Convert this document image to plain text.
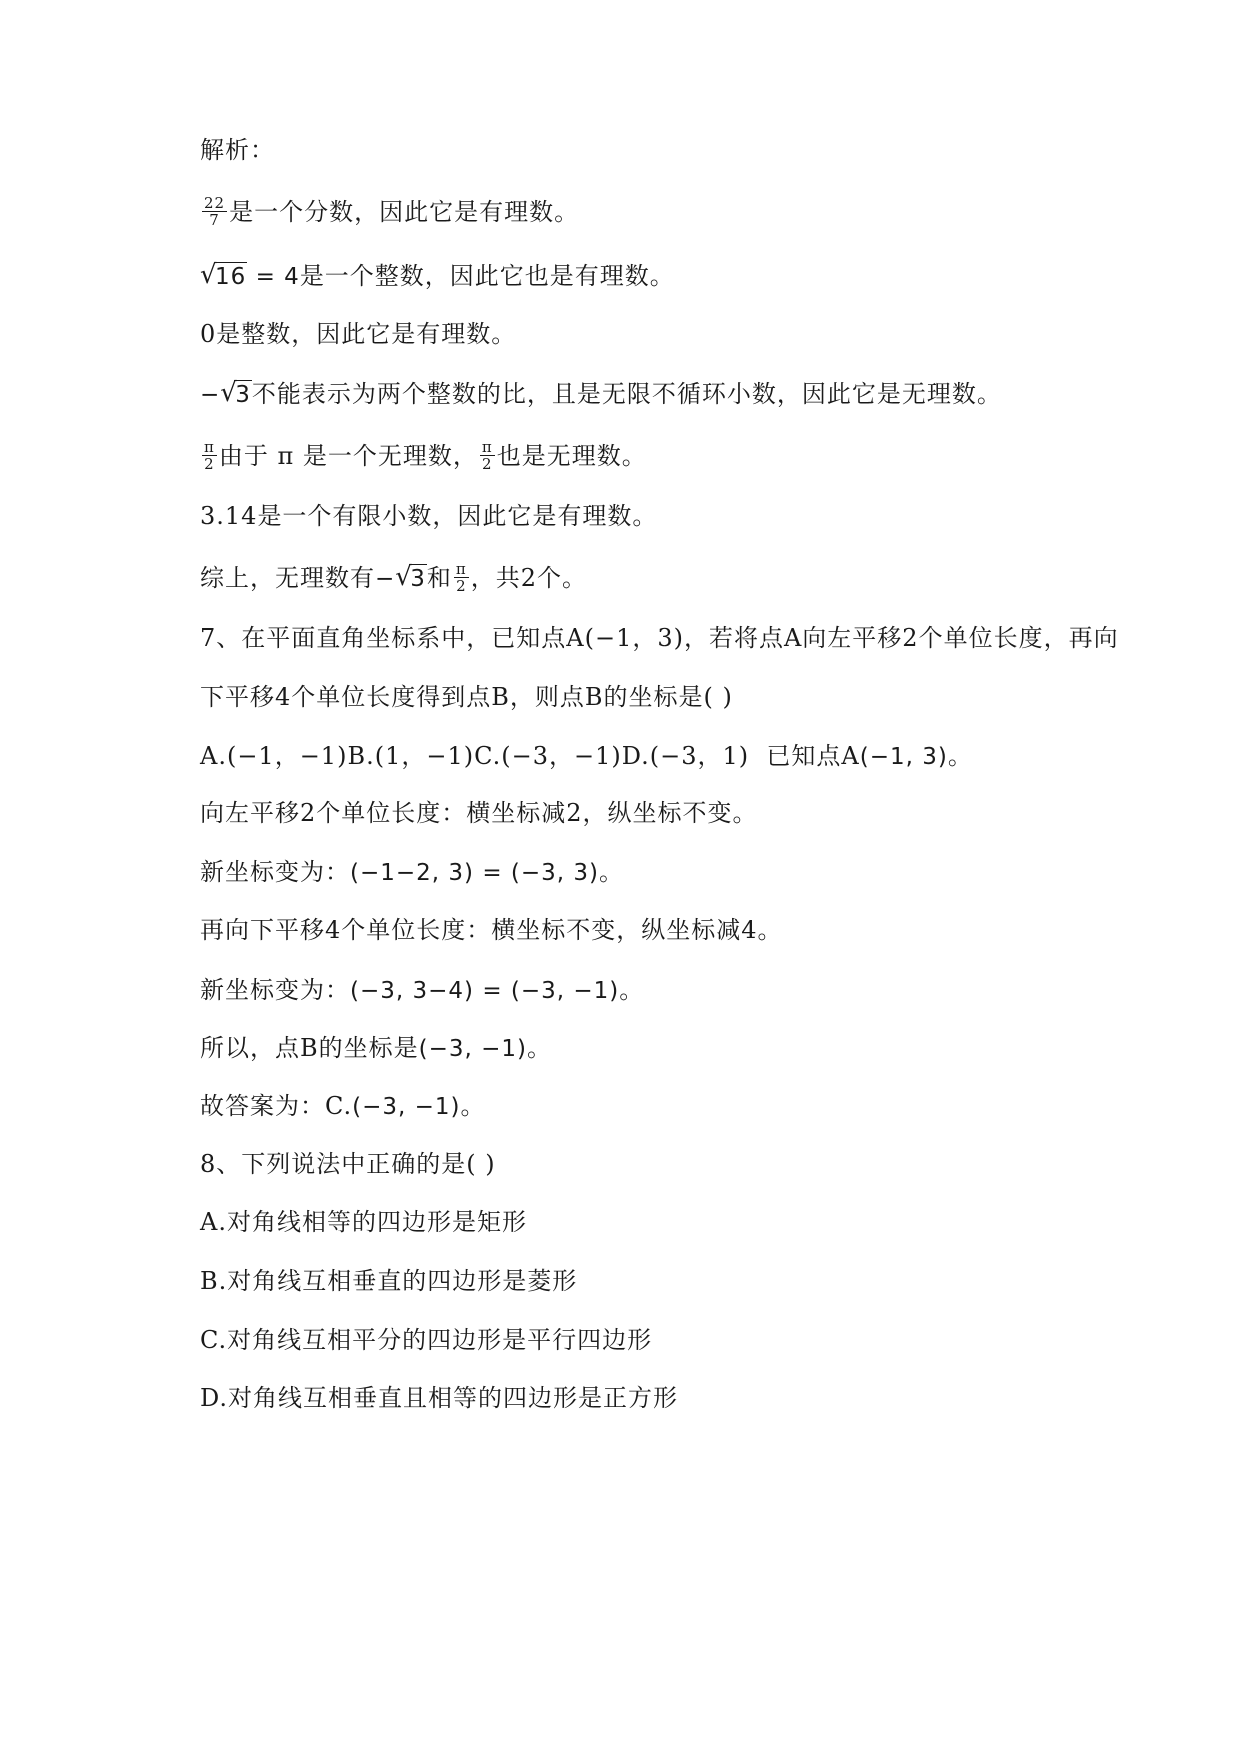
解析：
$\frac{22}{7}$ 是一个分数，因此它是有理数。
√
16 = 4是一个整数，因此它也是有理数。
0是整数，因此它是有理数。
− √
3不能表示为两个整数的比，且是无限不循环小数，因此它是无理数。
$\frac{\pi}{2}$ 由于 π 是一个无理数， $\frac{\pi}{2}$ 也是无理数。
3.14是一个有限小数，因此它是有理数。
综上，无理数有− √
3和 $\frac{\pi}{2}$ ，共2个。
7、在平面直角坐标系中，已知点A(−1，3)，若将点A向左平移2个单位长度，再向
下平移4个单位长度得到点B，则点B的坐标是( )
A.(−1，−1)B.(1，−1)C.(−3，−1)D.(−3，1) 已知点A(−1, 3)。
向左平移2个单位长度：横坐标减2，纵坐标不变。
新坐标变为：(−1−2, 3) = (−3, 3)。
再向下平移4个单位长度：横坐标不变，纵坐标减4。
新坐标变为：(−3, 3−4) = (−3, −1)。
所以，点B的坐标是(−3, −1)。
故答案为：C.(−3, −1)。
8、下列说法中正确的是( )
A.对角线相等的四边形是矩形
B.对角线互相垂直的四边形是菱形
C.对角线互相平分的四边形是平行四边形
D.对角线互相垂直且相等的四边形是正方形
